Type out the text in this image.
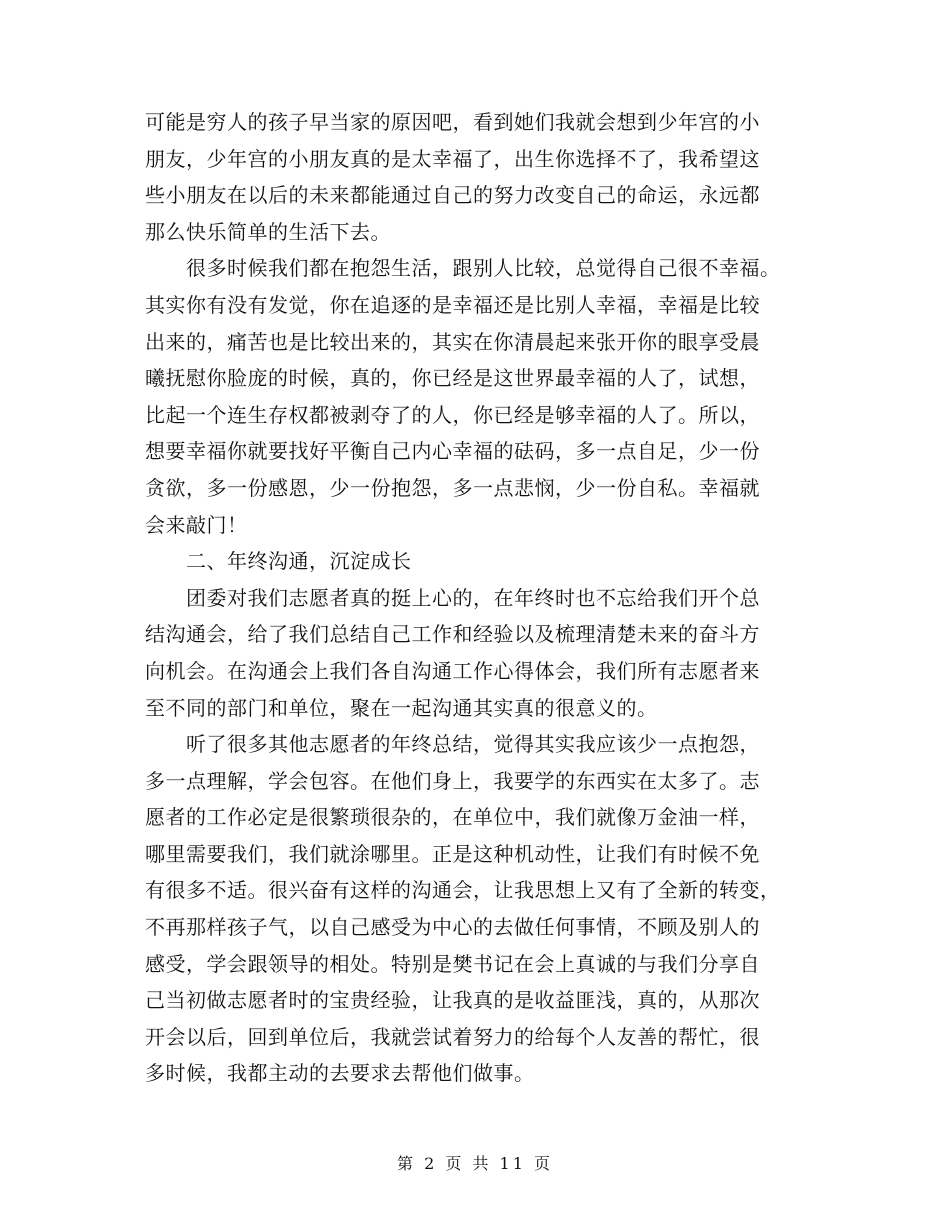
可能是穷人的孩子早当家的原因吧，看到她们我就会想到少年宫的小
朋友，少年宫的小朋友真的是太幸福了，出生你选择不了，我希望这
些小朋友在以后的未来都能通过自己的努力改变自己的命运，永远都
那么快乐简单的生活下去。
　　很多时候我们都在抱怨生活，跟别人比较，总觉得自己很不幸福。
其实你有没有发觉，你在追逐的是幸福还是比别人幸福，幸福是比较
出来的，痛苦也是比较出来的，其实在你清晨起来张开你的眼享受晨
曦抚慰你脸庞的时候，真的，你已经是这世界最幸福的人了，试想，
比起一个连生存权都被剥夺了的人，你已经是够幸福的人了。所以，
想要幸福你就要找好平衡自己内心幸福的砝码，多一点自足，少一份
贪欲，多一份感恩，少一份抱怨，多一点悲悯，少一份自私。幸福就
会来敲门！
　　二、年终沟通，沉淀成长
　　团委对我们志愿者真的挺上心的，在年终时也不忘给我们开个总
结沟通会，给了我们总结自己工作和经验以及梳理清楚未来的奋斗方
向机会。在沟通会上我们各自沟通工作心得体会，我们所有志愿者来
至不同的部门和单位，聚在一起沟通其实真的很意义的。
　　听了很多其他志愿者的年终总结，觉得其实我应该少一点抱怨，
多一点理解，学会包容。在他们身上，我要学的东西实在太多了。志
愿者的工作必定是很繁琐很杂的，在单位中，我们就像万金油一样，
哪里需要我们，我们就涂哪里。正是这种机动性，让我们有时候不免
有很多不适。很兴奋有这样的沟通会，让我思想上又有了全新的转变，
不再那样孩子气，以自己感受为中心的去做任何事情，不顾及别人的
感受，学会跟领导的相处。特别是樊书记在会上真诚的与我们分享自
己当初做志愿者时的宝贵经验，让我真的是收益匪浅，真的，从那次
开会以后，回到单位后，我就尝试着努力的给每个人友善的帮忙，很
多时候，我都主动的去要求去帮他们做事。
第 2 页 共 11 页
